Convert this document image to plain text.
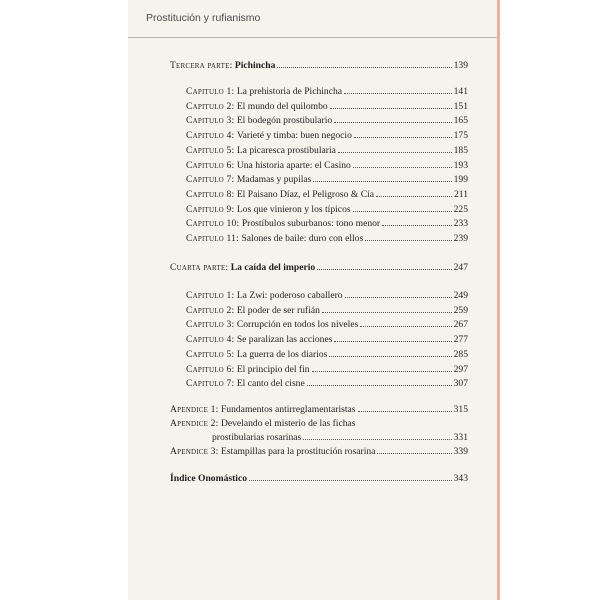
Prostitución y rufianismo
Tercera parte:
Pichincha	139
Capitulo 1:
La prehistoria de Pichincha	141
Capitulo 2:
El mundo del quilombo	151
Capitulo 3:
El bodegón prostibulario	165
Capitulo 4:
Varieté y timba: buen negocio	175
Capitulo 5:
La picaresca prostibularia	185
Capitulo 6:
Una historia aparte: el Casino	193
Capitulo 7:
Madamas y pupilas	199
Capitulo 8:
El Paisano Díaz, el Peligroso & Cía	211
Capitulo 9:
Los que vinieron y los típicos	225
Capitulo 10:
Prostíbulos suburbanos: tono menor	233
Capitulo 11:
Salones de baile: duro con ellos	239
Cuarta parte:
La caída del imperio	247
Capitulo 1:
La Zwi: poderoso caballero	249
Capitulo 2:
El poder de ser rufián	259
Capitulo 3:
Corrupción en todos los niveles	267
Capitulo 4:
Se paralizan las acciones	277
Capitulo 5:
La guerra de los diarios	285
Capitulo 6:
El principio del fin	297
Capitulo 7:
El canto del cisne	307
Apendice 1:
Fundamentos antirreglamentaristas	315
Apendice 2:
Develando el misterio de las fichas
prostibularias rosarinas	331
Apendice 3:
Estampillas para la prostitución rosarina	339
Índice Onomástico	343
